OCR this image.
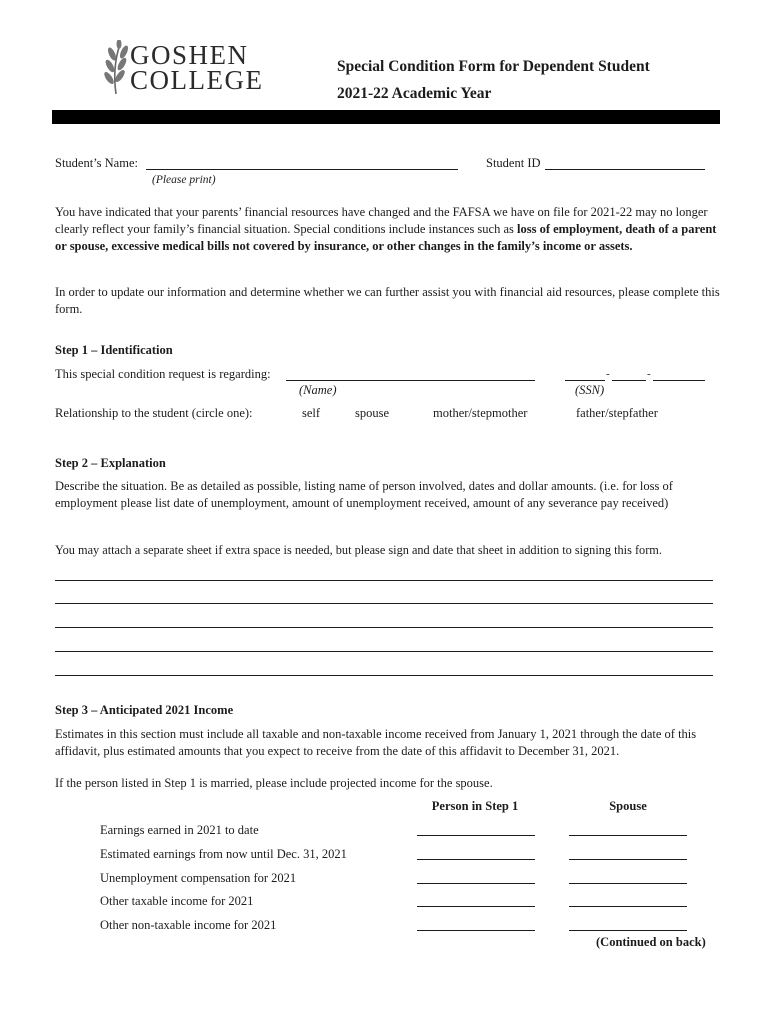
GOSHEN
COLLEGE	Special Condition Form for Dependent Student
2021-22 Academic Year
Student’s Name:
(Please print)
Student ID
You have indicated that your parents’ financial resources have changed and the FAFSA we have on file for 2021-22 may no longer clearly reflect your family’s financial situation. Special conditions include instances such as loss of employment, death of a parent or spouse, excessive medical bills not covered by insurance, or other changes in the family’s income or assets.
In order to update our information and determine whether we can further assist you with financial aid resources, please complete this form.
Step 1 – Identification
This special condition request is regarding:
(Name)
-	-
(SSN)
Relationship to the student (circle one):	self	spouse	mother/stepmother	father/stepfather
Step 2 – Explanation
Describe the situation. Be as detailed as possible, listing name of person involved, dates and dollar amounts. (i.e. for loss of employment please list date of unemployment, amount of unemployment received, amount of any severance pay received)
You may attach a separate sheet if extra space is needed, but please sign and date that sheet in addition to signing this form.
Step 3 – Anticipated 2021 Income
Estimates in this section must include all taxable and non-taxable income received from January 1, 2021 through the date of this affidavit, plus estimated amounts that you expect to receive from the date of this affidavit to December 31, 2021.
If the person listed in Step 1 is married, please include projected income for the spouse.
Person in Step 1	Spouse
Earnings earned in 2021 to date
Estimated earnings from now until Dec. 31, 2021
Unemployment compensation for 2021
Other taxable income for 2021
Other non-taxable income for 2021
(Continued on back)
